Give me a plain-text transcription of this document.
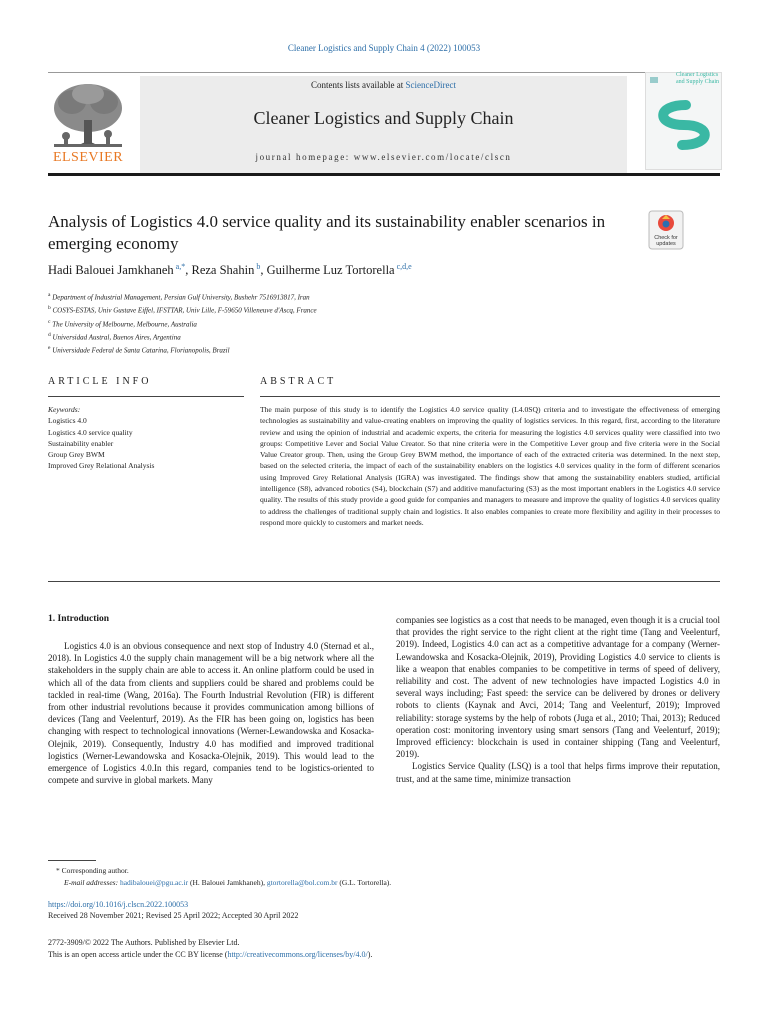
Cleaner Logistics and Supply Chain 4 (2022) 100053
Contents lists available at ScienceDirect
Cleaner Logistics and Supply Chain
journal homepage: www.elsevier.com/locate/clscn
ELSEVIER
Cleaner Logistics and Supply Chain
Analysis of Logistics 4.0 service quality and its sustainability enabler scenarios in emerging economy	Check for
updates
Hadi Balouei Jamkhaneh $^{a,*}$, Reza Shahin $^b$, Guilherme Luz Tortorella $^{c,d,e}$
$^a$ Department of Industrial Management, Persian Gulf University, Bushehr 7516913817, Iran
$^b$ COSYS-ESTAS, Univ Gustave Eiffel, IFSTTAR, Univ Lille, F-59650 Villeneuve d'Ascq, France
$^c$ The University of Melbourne, Melbourne, Australia
$^d$ Universidad Austral, Buenos Aires, Argentina
$^e$ Universidade Federal de Santa Catarina, Florianopolis, Brazil
ARTICLE INFO	ABSTRACT
Keywords:
Logistics 4.0
Logistics 4.0 service quality
Sustainability enabler
Group Grey BWM
Improved Grey Relational Analysis
The main purpose of this study is to identify the Logistics 4.0 service quality (L4.0SQ) criteria and to investigate the effectiveness of emerging technologies as sustainability and value-creating enablers on improving the quality of logistics services. In this regard, first, according to the literature review and using the opinion of industrial and academic experts, the criteria for measuring the logistics 4.0 services quality were classified into two groups: Competitive Lever and Social Value Creator. So that nine criteria were in the Competitive Lever group and five criteria were in the Social Value Creator group. Then, using the Group Grey BWM method, the importance of each of the extracted criteria was determined. In the next step, based on the selected criteria, the impact of each of the sustainability enablers on the logistics 4.0 services quality in the form of different scenarios using Improved Grey Relational Analysis (IGRA) was investigated. The findings show that among the sustainability enablers studied, artificial intelligence (S8), advanced robotics (S4), blockchain (S7) and additive manufacturing (S3) as the most important enablers in the Logistics 4.0 service quality. The results of this study provide a good guide for companies and managers to measure and improve the quality of logistics 4.0 services quality to address the challenges of traditional supply chain and logistics. It also enables companies to create more flexibility and agility in their processes to respond more quickly to customers and market needs.
1. Introduction

Logistics 4.0 is an obvious consequence and next stop of Industry 4.0 (Sternad et al., 2018). In Logistics 4.0 the supply chain management will be a big network where all the stakeholders in the supply chain are able to access it. An online platform could be used in which all of the data from clients and suppliers could be shared and problems could be tackled in real-time (Wang, 2016a). The Fourth Industrial Revolution (FIR) is different from other industrial revolutions because it provides communication among billions of devices (Tang and Veelenturf, 2019). As the FIR has been going on, logistics has been changing with respect to technological innovations (Werner-Lewandowska and Kosacka-Olejnik, 2019). Consequently, Industry 4.0 has modified and improved traditional logistics (Werner-Lewandowska and Kosacka-Olejnik, 2019). This would lead to the emergence of Logistics 4.0.In this regard, companies tend to be logistics-oriented to compete and survive in global markets. Many

companies see logistics as a cost that needs to be managed, even though it is a crucial tool that provides the right service to the right client at the right time (Tang and Veelenturf, 2019). Indeed, Logistics 4.0 can act as a competitive advantage for a company (Werner-Lewandowska and Kosacka-Olejnik, 2019), Providing Logistics 4.0 service to clients is like a weapon that enables companies to be competitive in terms of speed of delivery, reliability and cost. The advent of new technologies have impacted Logistics 4.0 in several ways including; Fast speed: the service can be delivered by drones or delivery robots to clients (Kaynak and Avci, 2014; Tang and Veelenturf, 2019); Improved reliability: storage systems by the help of robots (Juga et al., 2010; Thai, 2013); Reduced operation cost: monitoring inventory using smart sensors (Tang and Veelenturf, 2019); Improved efficiency: blockchain is used in container shipping (Tang and Veelenturf, 2019).

Logistics Service Quality (LSQ) is a tool that helps firms improve their reputation, trust, and at the same time, minimize transaction

* Corresponding author.
E-mail addresses: hadibalouei@pgu.ac.ir (H. Balouei Jamkhaneh), gtortorella@bol.com.br (G.L. Tortorella).
https://doi.org/10.1016/j.clscn.2022.100053
Received 28 November 2021; Revised 25 April 2022; Accepted 30 April 2022
2772-3909/© 2022 The Authors. Published by Elsevier Ltd.
This is an open access article under the CC BY license (http://creativecommons.org/licenses/by/4.0/).
